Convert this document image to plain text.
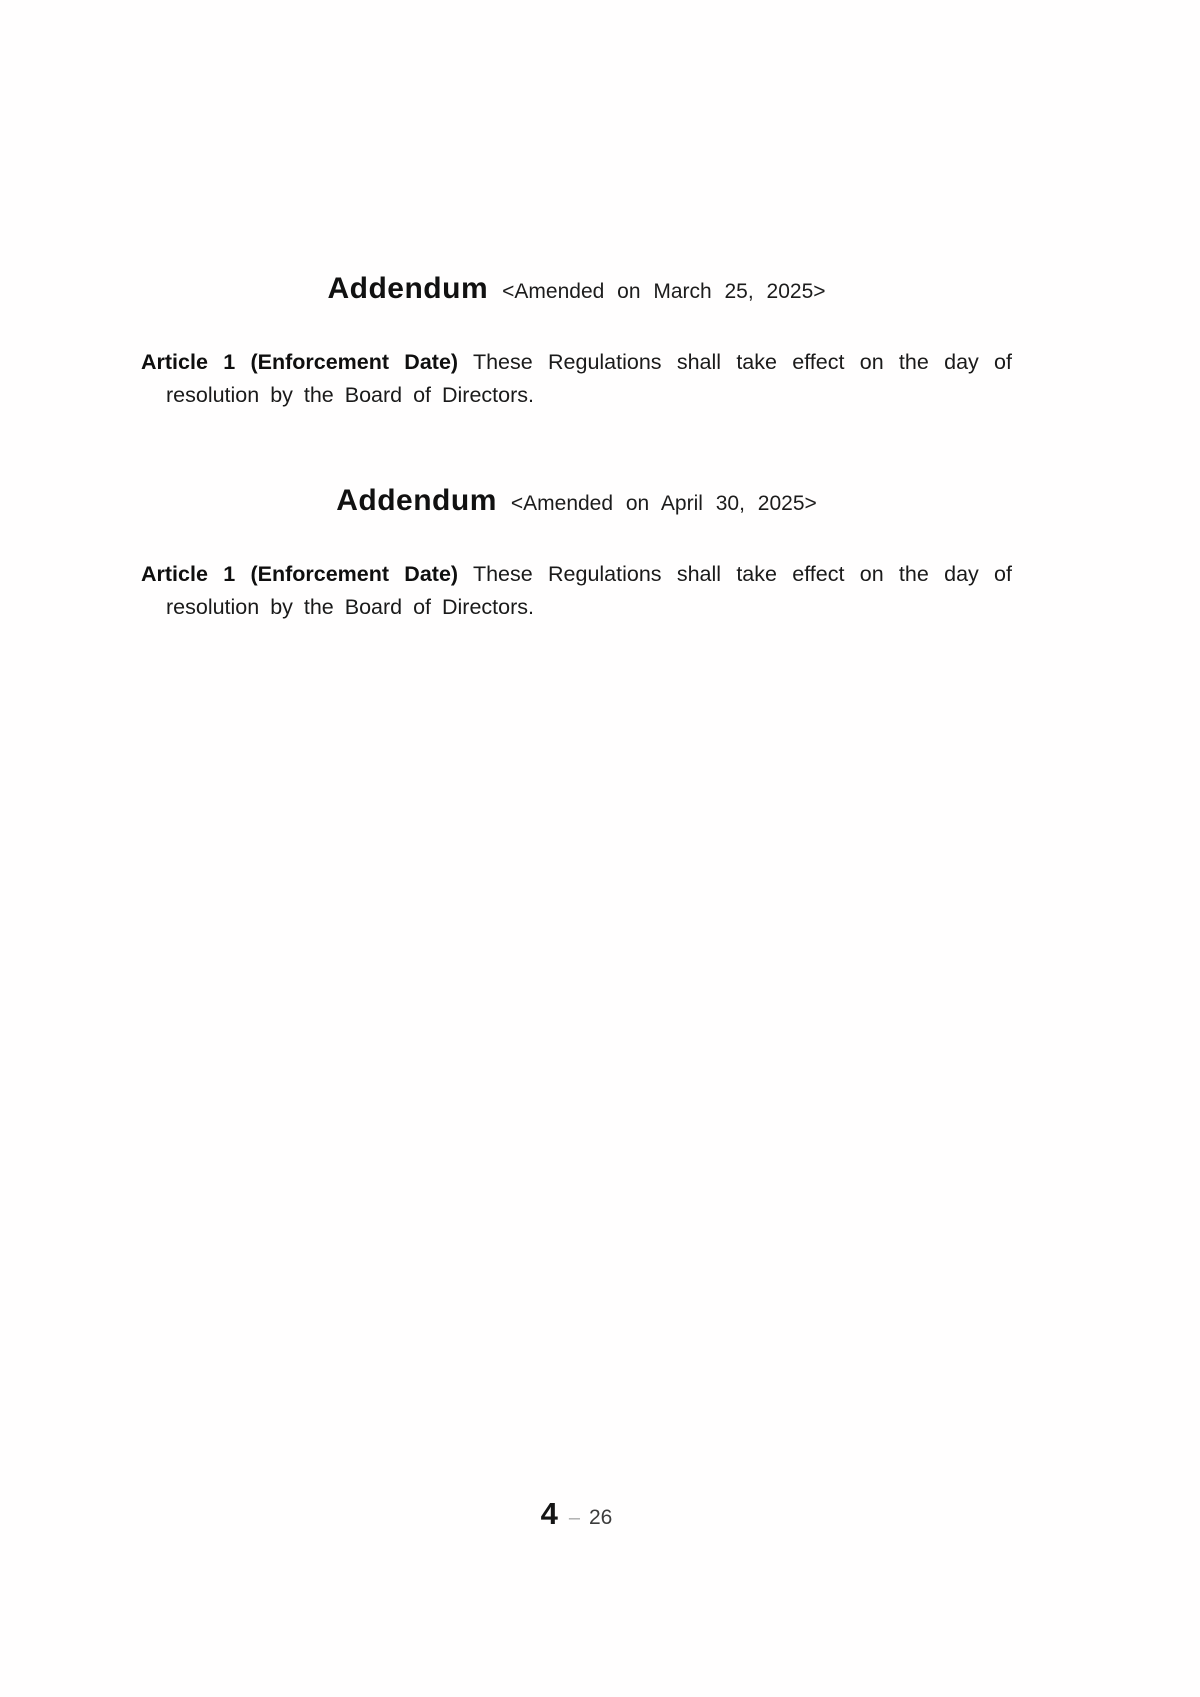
Addendum <Amended on March 25, 2025>
Article 1 (Enforcement Date) These Regulations shall take effect on the day of
resolution by the Board of Directors.
Addendum <Amended on April 30, 2025>
Article 1 (Enforcement Date) These Regulations shall take effect on the day of
resolution by the Board of Directors.
4 – 26
